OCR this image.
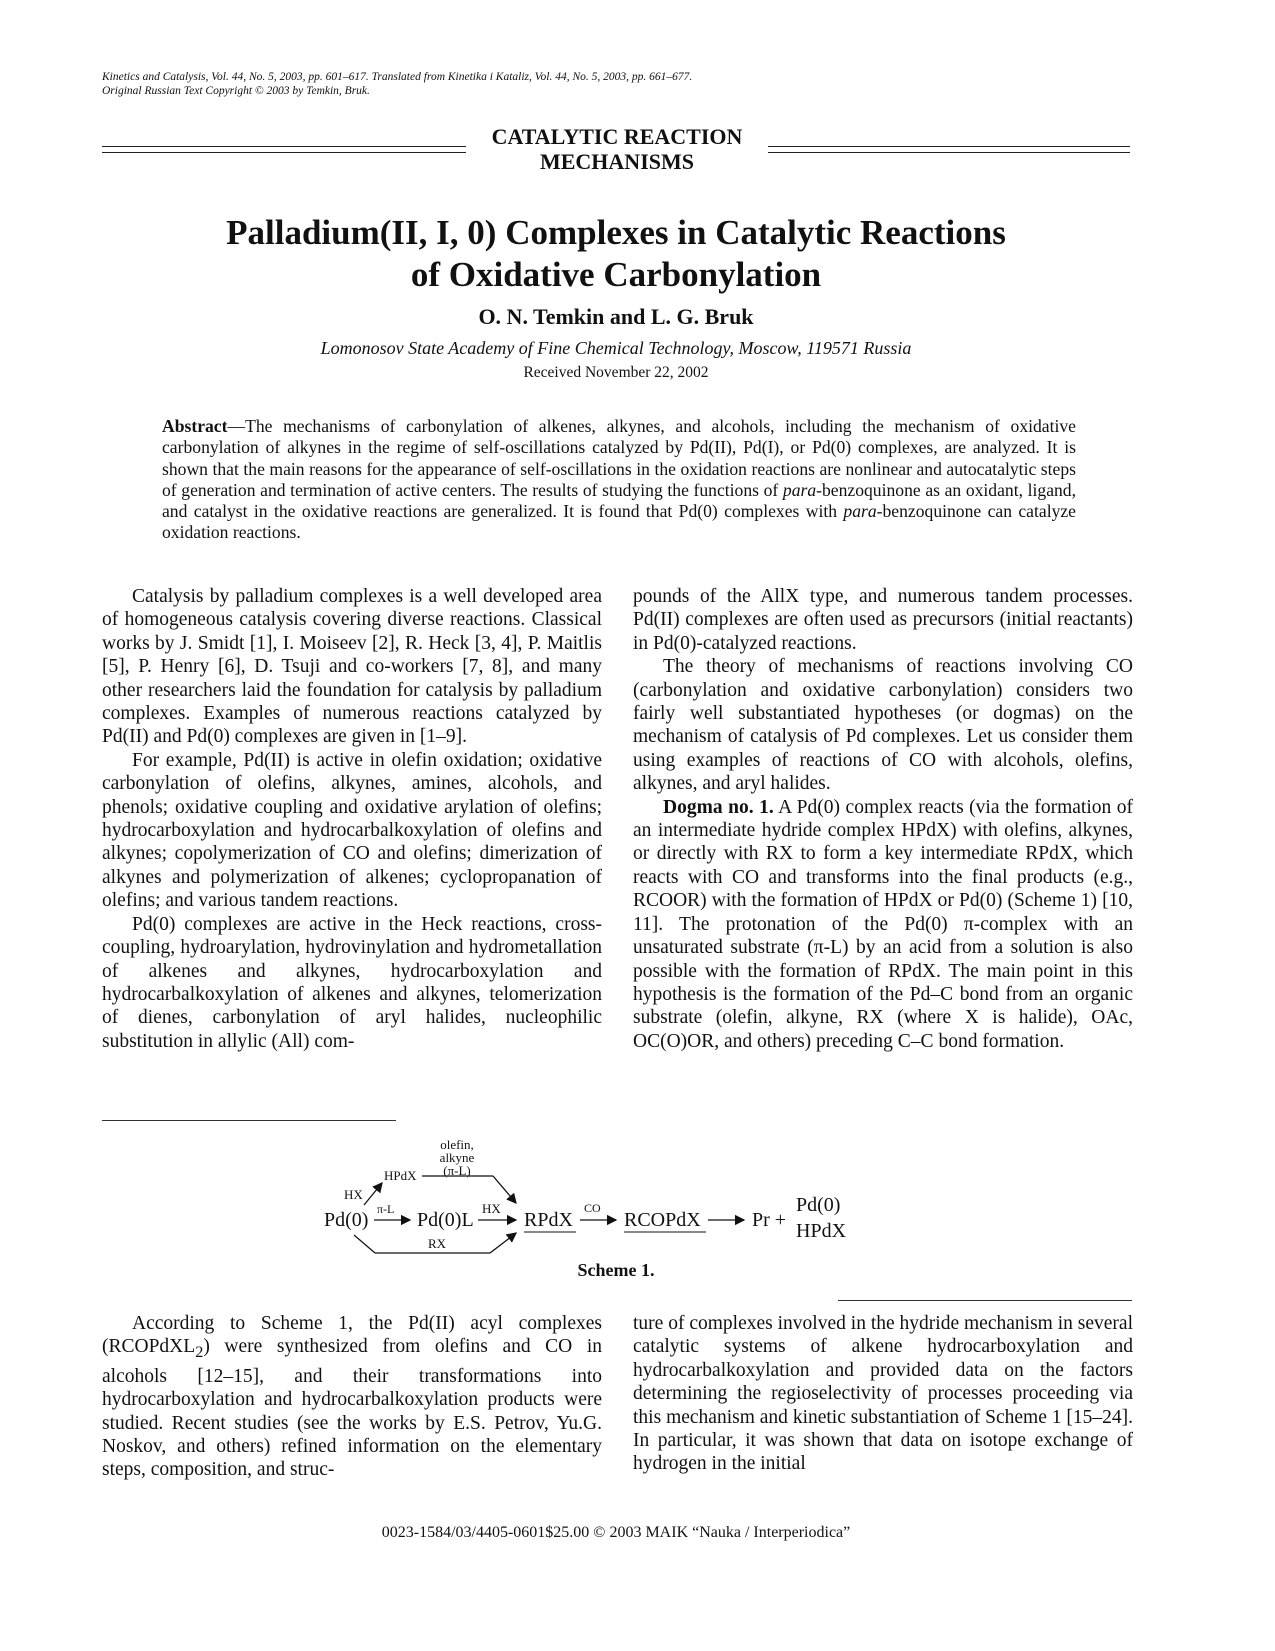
Kinetics and Catalysis, Vol. 44, No. 5, 2003, pp. 601–617. Translated from Kinetika i Kataliz, Vol. 44, No. 5, 2003, pp. 661–677.
Original Russian Text Copyright © 2003 by Temkin, Bruk.
CATALYTIC REACTION
MECHANISMS
Palladium(II, I, 0) Complexes in Catalytic Reactions
of Oxidative Carbonylation
O. N. Temkin and L. G. Bruk
Lomonosov State Academy of Fine Chemical Technology, Moscow, 119571 Russia
Received November 22, 2002
Abstract—The mechanisms of carbonylation of alkenes, alkynes, and alcohols, including the mechanism of oxidative carbonylation of alkynes in the regime of self-oscillations catalyzed by Pd(II), Pd(I), or Pd(0) complexes, are analyzed. It is shown that the main reasons for the appearance of self-oscillations in the oxidation reactions are nonlinear and autocatalytic steps of generation and termination of active centers. The results of studying the functions of para-benzoquinone as an oxidant, ligand, and catalyst in the oxidative reactions are generalized. It is found that Pd(0) complexes with para-benzoquinone can catalyze oxidation reactions.

Catalysis by palladium complexes is a well developed area of homogeneous catalysis covering diverse reactions. Classical works by J. Smidt [1], I. Moiseev [2], R. Heck [3, 4], P. Maitlis [5], P. Henry [6], D. Tsuji and co-workers [7, 8], and many other researchers laid the foundation for catalysis by palladium complexes. Examples of numerous reactions catalyzed by Pd(II) and Pd(0) complexes are given in [1–9].

For example, Pd(II) is active in olefin oxidation; oxidative carbonylation of olefins, alkynes, amines, alcohols, and phenols; oxidative coupling and oxidative arylation of olefins; hydrocarboxylation and hydrocarbalkoxylation of olefins and alkynes; copolymerization of CO and olefins; dimerization of alkynes and polymerization of alkenes; cyclopropanation of olefins; and various tandem reactions.

Pd(0) complexes are active in the Heck reactions, cross-coupling, hydroarylation, hydrovinylation and hydrometallation of alkenes and alkynes, hydrocarboxylation and hydrocarbalkoxylation of alkenes and alkynes, telomerization of dienes, carbonylation of aryl halides, nucleophilic substitution in allylic (All) com-

pounds of the AllX type, and numerous tandem processes. Pd(II) complexes are often used as precursors (initial reactants) in Pd(0)-catalyzed reactions.

The theory of mechanisms of reactions involving CO (carbonylation and oxidative carbonylation) considers two fairly well substantiated hypotheses (or dogmas) on the mechanism of catalysis of Pd complexes. Let us consider them using examples of reactions of CO with alcohols, olefins, alkynes, and aryl halides.

Dogma no. 1. A Pd(0) complex reacts (via the formation of an intermediate hydride complex HPdX) with olefins, alkynes, or directly with RX to form a key intermediate RPdX, which reacts with CO and transforms into the final products (e.g., RCOOR) with the formation of HPdX or Pd(0) (Scheme 1) [10, 11]. The protonation of the Pd(0) π-complex with an unsaturated substrate (π-L) by an acid from a solution is also possible with the formation of RPdX. The main point in this hypothesis is the formation of the Pd–C bond from an organic substrate (olefin, alkyne, RX (where X is halide), OAc, OC(O)OR, and others) preceding C–C bond formation.

HX
HPdX
olefin,
alkyne
(π-L)
Pd(0) π-L Pd(0)L
HX
RPdX
CO
RCOPdX	Pr +
Pd(0)
HPdX
RX
Scheme 1.

According to Scheme 1, the Pd(II) acyl complexes (RCOPdXL$_2$) were synthesized from olefins and CO in alcohols [12–15], and their transformations into hydrocarboxylation and hydrocarbalkoxylation products were studied. Recent studies (see the works by E.S. Petrov, Yu.G. Noskov, and others) refined information on the elementary steps, composition, and struc-

ture of complexes involved in the hydride mechanism in several catalytic systems of alkene hydrocarboxylation and hydrocarbalkoxylation and provided data on the factors determining the regioselectivity of processes proceeding via this mechanism and kinetic substantiation of Scheme 1 [15–24]. In particular, it was shown that data on isotope exchange of hydrogen in the initial

0023-1584/03/4405-0601$25.00 © 2003 MAIK “Nauka / Interperiodica”
